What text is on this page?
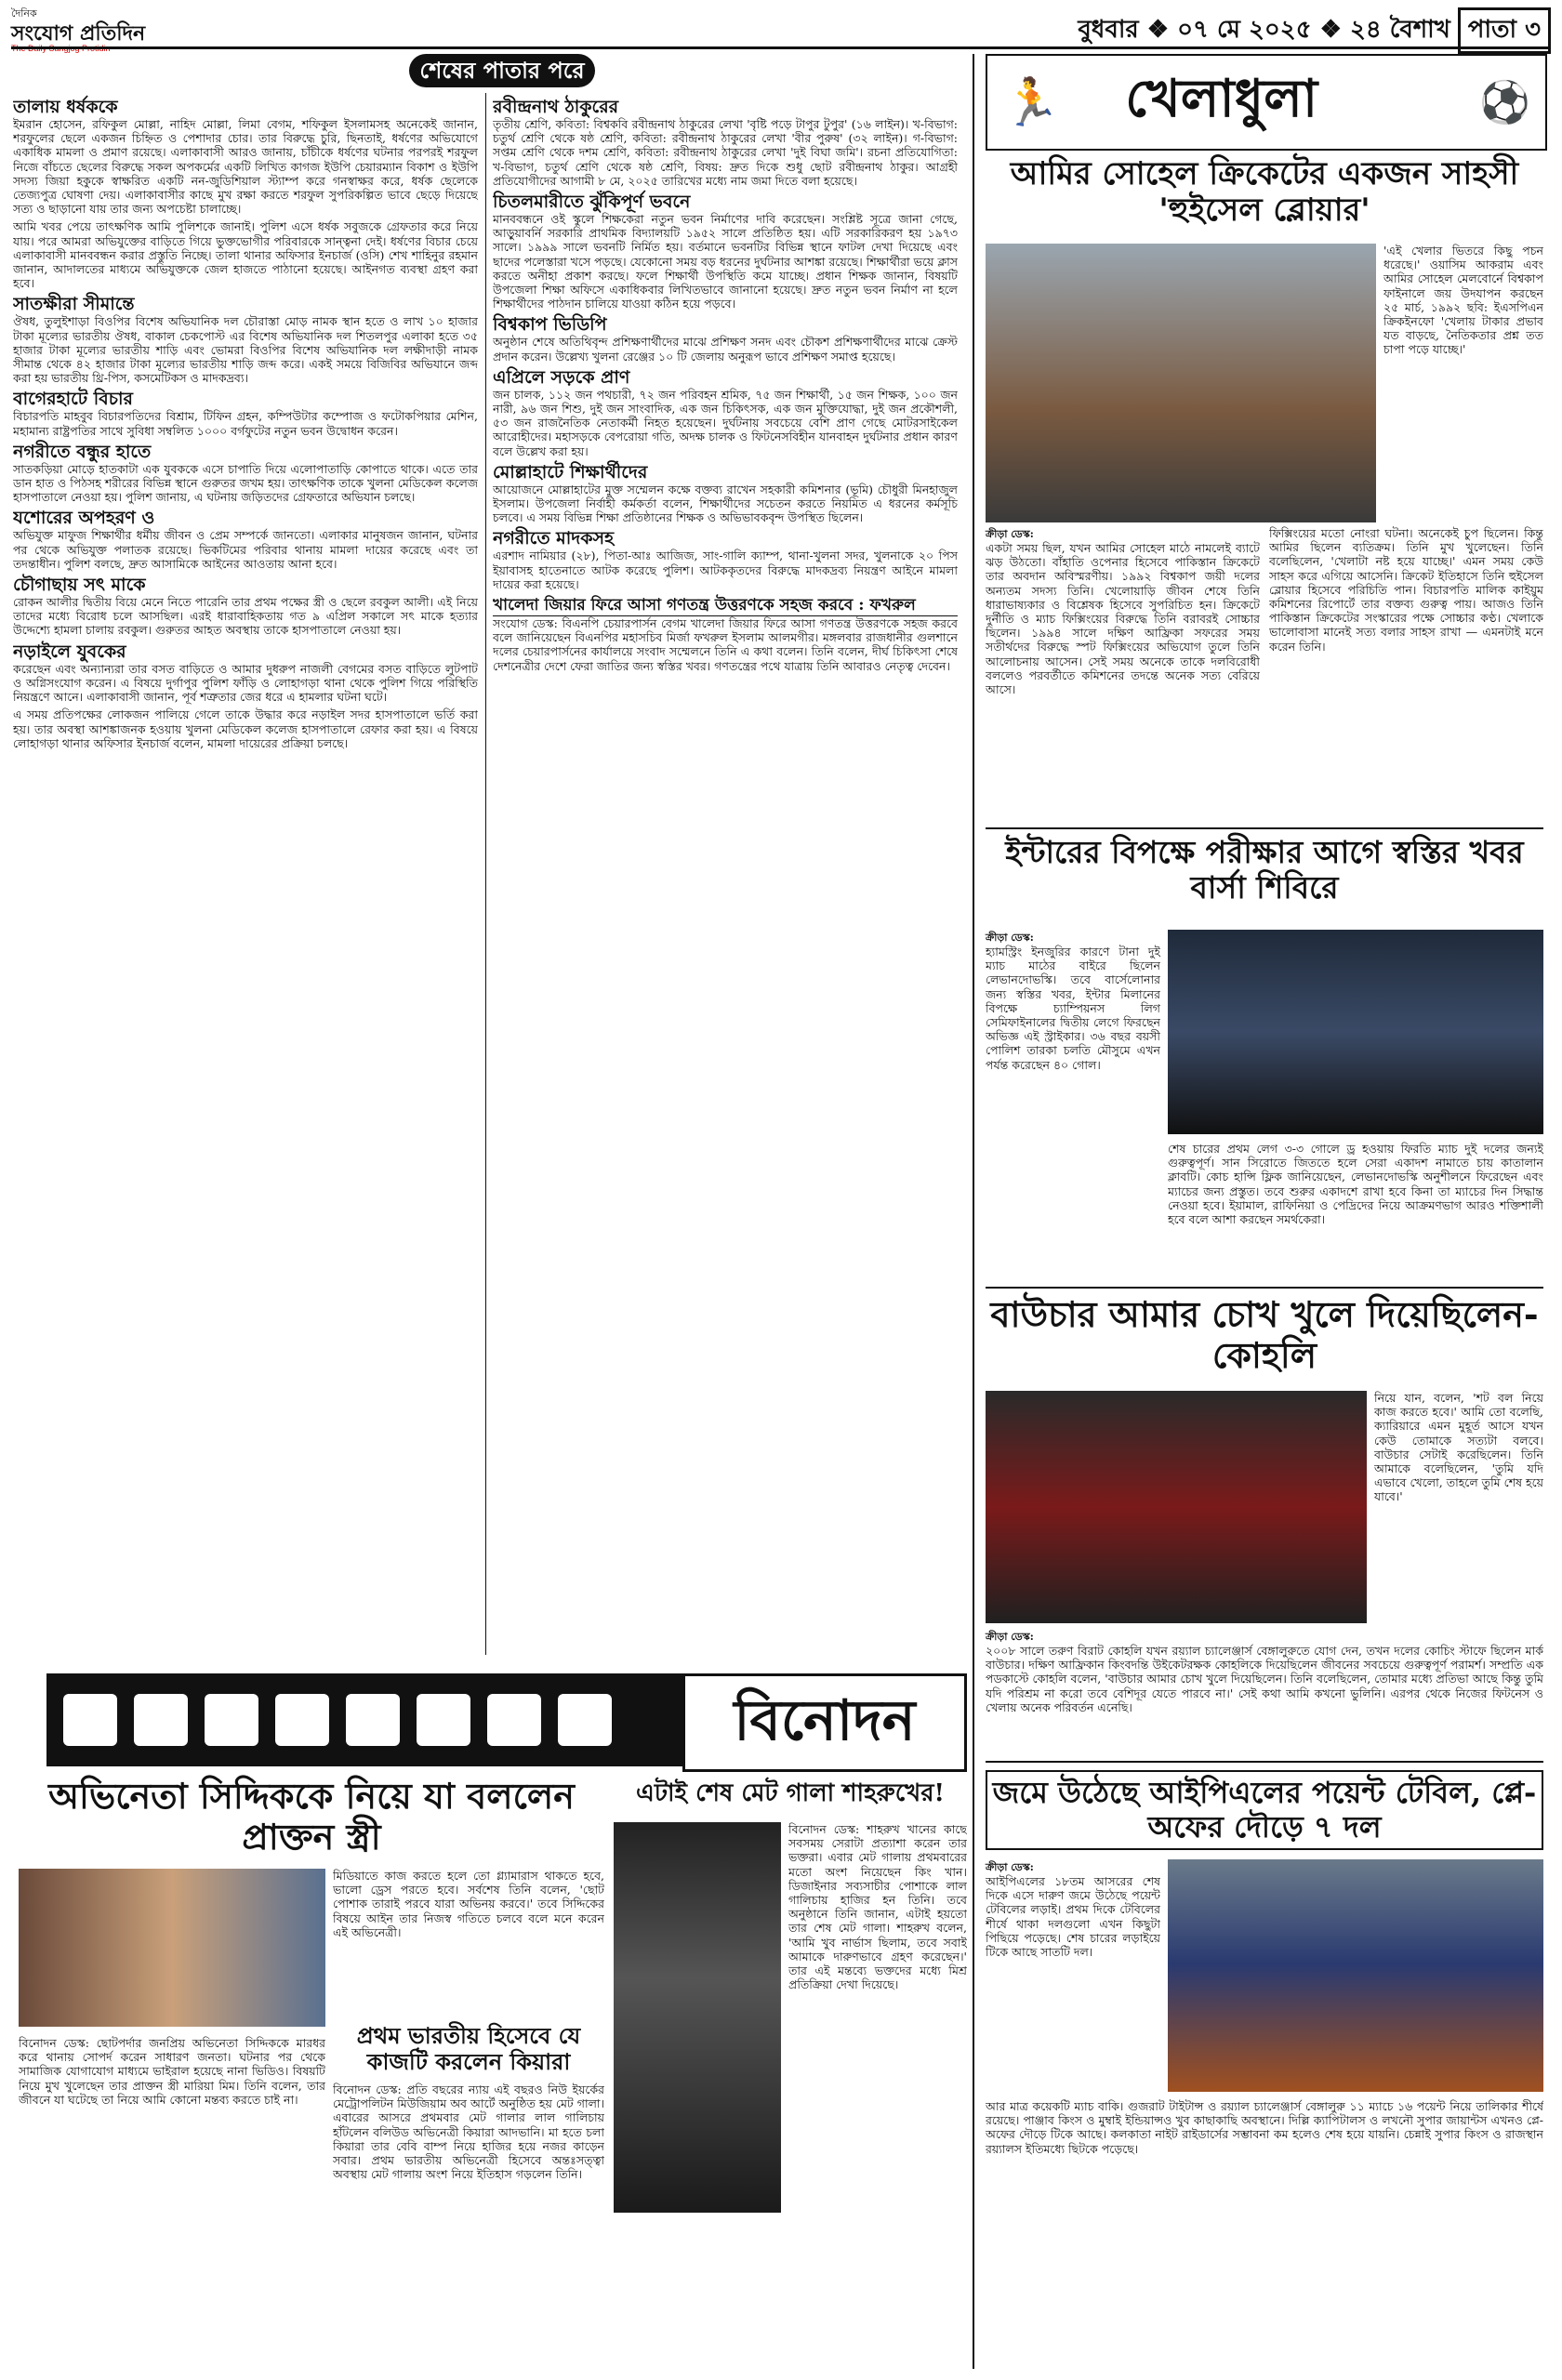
দৈনিক
সংযোগ প্রতিদিন	বুধবার ❖ ০৭ মে ২০২৫ ❖ ২৪ বৈশাখ পাতা ৩
শেষের পাতার পরে
তালায় ধর্ষককে
ইমরান হোসেন, রফিকুল মোল্লা, নাহিদ মোল্লা, লিমা বেগম, শফিকুল ইসলামসহ অনেকেই জানান, শরফুলের ছেলে একজন চিহ্নিত ও পেশাদার চোর। তার বিরুদ্ধে চুরি, ছিনতাই, ধর্ষণের অভিযোগে একাধিক মামলা ও প্রমাণ রয়েছে। এলাকাবাসী আরও জানায়, চাঁচীকে ধর্ষণের ঘটনার পরপরই শরফুল নিজে বাঁচতে ছেলের বিরুদ্ধে সকল অপকর্মের একটি লিখিত কাগজ ইউপি চেয়ারম্যান বিকাশ ও ইউপি সদস্য জিয়া হকুকে স্বাক্ষরিত একটি নন-জুডিশিয়াল স্ট্যাম্প করে গনস্বাক্ষর করে, ধর্ষক ছেলেকে তেজ্যপুত্র ঘোষণা দেয়। এলাকাবাসীর কাছে মুখ রক্ষা করতে শরফুল সুপরিকল্পিত ভাবে ছেড়ে দিয়েছে সত্য ও ছাড়ানো যায় তার জন্য অপচেষ্টা চালাচ্ছে।
আমি খবর পেয়ে তাৎক্ষণিক আমি পুলিশকে জানাই। পুলিশ এসে ধর্ষক সবুজকে গ্রেফতার করে নিয়ে যায়। পরে আমরা অভিযুক্তের বাড়িতে গিয়ে ভুক্তভোগীর পরিবারকে সান্ত্বনা দেই। ধর্ষণের বিচার চেয়ে এলাকাবাসী মানববন্ধন করার প্রস্তুতি নিচ্ছে। তালা থানার অফিসার ইনচার্জ (ওসি) শেখ শাহিনুর রহমান জানান, আদালতের মাধ্যমে অভিযুক্তকে জেল হাজতে পাঠানো হয়েছে। আইনগত ব্যবস্থা গ্রহণ করা হবে।
সাতক্ষীরা সীমান্তে
ঔষধ, তুলুইশাড়া বিওপির বিশেষ অভিযানিক দল চৌরাস্তা মোড় নামক স্থান হতে ও লাখ ১০ হাজার টাকা মূল্যের ভারতীয় ঔষধ, বাকাল চেকপোস্ট এর বিশেষ অভিযানিক দল শিতলপুর এলাকা হতে ৩৫ হাজার টাকা মূল্যের ভারতীয় শাড়ি এবং ভোমরা বিওপির বিশেষ অভিযানিক দল লক্ষীদাড়ী নামক সীমান্ত থেকে ৪২ হাজার টাকা মূল্যের ভারতীয় শাড়ি জব্দ করে। একই সময়ে বিজিবির অভিযানে জব্দ করা হয় ভারতীয় থ্রি-পিস, কসমেটিকস ও মাদকদ্রব্য।
বাগেরহাটে বিচার
বিচারপতি মাহবুব বিচারপতিদের বিশ্রাম, টিফিন গ্রহন, কম্পিউটার কম্পোজ ও ফটোকপিয়ার মেশিন, মহামান্য রাষ্ট্রপতির সাথে সুবিধা সম্বলিত ১০০০ বর্গফুটের নতুন ভবন উদ্বোধন করেন।
নগরীতে বন্ধুর হাতে
সাতকড়িয়া মোড়ে হাতকাটা এক যুবককে এসে চাপাতি দিয়ে এলোপাতাড়ি কোপাতে থাকে। এতে তার ডান হাত ও পিঠসহ শরীরের বিভিন্ন স্থানে গুরুতর জখম হয়। তাৎক্ষণিক তাকে খুলনা মেডিকেল কলেজ হাসপাতালে নেওয়া হয়। পুলিশ জানায়, এ ঘটনায় জড়িতদের গ্রেফতারে অভিযান চলছে।
যশোরের অপহরণ ও
অভিযুক্ত মাফুজ শিক্ষার্থীর ধর্মীয় জীবন ও প্রেম সম্পর্কে জানতো। এলাকার মানুষজন জানান, ঘটনার পর থেকে অভিযুক্ত পলাতক রয়েছে। ভিকটিমের পরিবার থানায় মামলা দায়ের করেছে এবং তা তদন্তাধীন। পুলিশ বলছে, দ্রুত আসামিকে আইনের আওতায় আনা হবে।
চৌগাছায় সৎ মাকে
রোকন আলীর দ্বিতীয় বিয়ে মেনে নিতে পারেনি তার প্রথম পক্ষের স্ত্রী ও ছেলে রবকুল আলী। এই নিয়ে তাদের মধ্যে বিরোধ চলে আসছিল। এরই ধারাবাহিকতায় গত ৯ এপ্রিল সকালে সৎ মাকে হত্যার উদ্দেশ্যে হামলা চালায় রবকুল। গুরুতর আহত অবস্থায় তাকে হাসপাতালে নেওয়া হয়।
নড়াইলে যুবকের
করেছেন এবং অন্যান্যরা তার বসত বাড়িতে ও আমার দুধরুপ নাজলী বেগমের বসত বাড়িতে লুটপাট ও অগ্নিসংযোগ করেন। এ বিষয়ে দুর্গাপুর পুলিশ ফাঁড়ি ও লোহাগড়া থানা থেকে পুলিশ গিয়ে পরিস্থিতি নিয়ন্ত্রণে আনে। এলাকাবাসী জানান, পূর্ব শত্রুতার জের ধরে এ হামলার ঘটনা ঘটে।
এ সময় প্রতিপক্ষের লোকজন পালিয়ে গেলে তাকে উদ্ধার করে নড়াইল সদর হাসপাতালে ভর্তি করা হয়। তার অবস্থা আশঙ্কাজনক হওয়ায় খুলনা মেডিকেল কলেজ হাসপাতালে রেফার করা হয়। এ বিষয়ে লোহাগড়া থানার অফিসার ইনচার্জ বলেন, মামলা দায়েরের প্রক্রিয়া চলছে।
রবীন্দ্রনাথ ঠাকুরের
তৃতীয় শ্রেণি, কবিতা: বিশ্বকবি রবীন্দ্রনাথ ঠাকুরের লেখা 'বৃষ্টি পড়ে টাপুর টুপুর' (১৬ লাইন)। খ-বিভাগ: চতুর্থ শ্রেণি থেকে ষষ্ঠ শ্রেণি, কবিতা: রবীন্দ্রনাথ ঠাকুরের লেখা 'বীর পুরুষ' (৩২ লাইন)। গ-বিভাগ: সপ্তম শ্রেণি থেকে দশম শ্রেণি, কবিতা: রবীন্দ্রনাথ ঠাকুরের লেখা 'দুই বিঘা জমি'। রচনা প্রতিযোগিতা: খ-বিভাগ, চতুর্থ শ্রেণি থেকে ষষ্ঠ শ্রেণি, বিষয়: দ্রুত দিকে শুধু ছোট রবীন্দ্রনাথ ঠাকুর। আগ্রহী প্রতিযোগীদের আগামী ৮ মে, ২০২৫ তারিখের মধ্যে নাম জমা দিতে বলা হয়েছে।
চিতলমারীতে ঝুঁকিপূর্ণ ভবনে
মানববন্ধনে ওই স্কুলে শিক্ষকেরা নতুন ভবন নির্মাণের দাবি করেছেন। সংশ্লিষ্ট সূত্রে জানা গেছে, আড়ুয়াবর্নি সরকারি প্রাথমিক বিদ্যালয়টি ১৯৫২ সালে প্রতিষ্ঠিত হয়। এটি সরকারিকরণ হয় ১৯৭৩ সালে। ১৯৯৯ সালে ভবনটি নির্মিত হয়। বর্তমানে ভবনটির বিভিন্ন স্থানে ফাটল দেখা দিয়েছে এবং ছাদের পলেস্তারা খসে পড়ছে। যেকোনো সময় বড় ধরনের দুর্ঘটনার আশঙ্কা রয়েছে। শিক্ষার্থীরা ভয়ে ক্লাস করতে অনীহা প্রকাশ করছে। ফলে শিক্ষার্থী উপস্থিতি কমে যাচ্ছে। প্রধান শিক্ষক জানান, বিষয়টি উপজেলা শিক্ষা অফিসে একাধিকবার লিখিতভাবে জানানো হয়েছে। দ্রুত নতুন ভবন নির্মাণ না হলে শিক্ষার্থীদের পাঠদান চালিয়ে যাওয়া কঠিন হয়ে পড়বে।
বিশ্বকাপ ভিডিপি
অনুষ্ঠান শেষে অতিথিবৃন্দ প্রশিক্ষণার্থীদের মাঝে প্রশিক্ষণ সনদ এবং চৌকশ প্রশিক্ষণার্থীদের মাঝে ক্রেস্ট প্রদান করেন। উল্লেখ্য খুলনা রেঞ্জের ১০ টি জেলায় অনুরূপ ভাবে প্রশিক্ষণ সমাপ্ত হয়েছে।
এপ্রিলে সড়কে প্রাণ
জন চালক, ১১২ জন পথচারী, ৭২ জন পরিবহন শ্রমিক, ৭৫ জন শিক্ষার্থী, ১৫ জন শিক্ষক, ১০০ জন নারী, ৯৬ জন শিশু, দুই জন সাংবাদিক, এক জন চিকিৎসক, এক জন মুক্তিযোদ্ধা, দুই জন প্রকৌশলী, ৫৩ জন রাজনৈতিক নেতাকর্মী নিহত হয়েছেন। দুর্ঘটনায় সবচেয়ে বেশি প্রাণ গেছে মোটরসাইকেল আরোহীদের। মহাসড়কে বেপরোয়া গতি, অদক্ষ চালক ও ফিটনেসবিহীন যানবাহন দুর্ঘটনার প্রধান কারণ বলে উল্লেখ করা হয়।
মোল্লাহাটে শিক্ষার্থীদের
আয়োজনে মোল্লাহাটের মুক্ত সম্মেলন কক্ষে বক্তব্য রাখেন সহকারী কমিশনার (ভূমি) চৌধুরী মিনহাজুল ইসলাম। উপজেলা নির্বাহী কর্মকর্তা বলেন, শিক্ষার্থীদের সচেতন করতে নিয়মিত এ ধরনের কর্মসূচি চলবে। এ সময় বিভিন্ন শিক্ষা প্রতিষ্ঠানের শিক্ষক ও অভিভাবকবৃন্দ উপস্থিত ছিলেন।
নগরীতে মাদকসহ
এরশাদ নামিয়ার (২৮), পিতা-আঃ আজিজ, সাং-গালি ক্যাম্প, থানা-খুলনা সদর, খুলনাকে ২০ পিস ইয়াবাসহ হাতেনাতে আটক করেছে পুলিশ। আটককৃতদের বিরুদ্ধে মাদকদ্রব্য নিয়ন্ত্রণ আইনে মামলা দায়ের করা হয়েছে।
খালেদা জিয়ার ফিরে আসা গণতন্ত্র উত্তরণকে সহজ করবে : ফখরুল
সংযোগ ডেস্ক: বিএনপি চেয়ারপার্সন বেগম খালেদা জিয়ার ফিরে আসা গণতন্ত্র উত্তরণকে সহজ করবে বলে জানিয়েছেন বিএনপির মহাসচিব মির্জা ফখরুল ইসলাম আলমগীর। মঙ্গলবার রাজধানীর গুলশানে দলের চেয়ারপার্সনের কার্যালয়ে সংবাদ সম্মেলনে তিনি এ কথা বলেন। তিনি বলেন, দীর্ঘ চিকিৎসা শেষে দেশনেত্রীর দেশে ফেরা জাতির জন্য স্বস্তির খবর। গণতন্ত্রের পথে যাত্রায় তিনি আবারও নেতৃত্ব দেবেন।
বিনোদন
অভিনেতা সিদ্দিককে নিয়ে যা বললেন প্রাক্তন স্ত্রী
বিনোদন ডেস্ক: ছোটপর্দার জনপ্রিয় অভিনেতা সিদ্দিককে মারধর করে থানায় সোপর্দ করেন সাধারণ জনতা। ঘটনার পর থেকে সামাজিক যোগাযোগ মাধ্যমে ভাইরাল হয়েছে নানা ভিডিও। বিষয়টি নিয়ে মুখ খুলেছেন তার প্রাক্তন স্ত্রী মারিয়া মিম। তিনি বলেন, তার জীবনে যা ঘটেছে তা নিয়ে আমি কোনো মন্তব্য করতে চাই না।
মিডিয়াতে কাজ করতে হলে তো গ্ল্যামারাস থাকতে হবে, ভালো ড্রেস পরতে হবে। সর্বশেষ তিনি বলেন, 'ছোট পোশাক তারাই পরবে যারা অভিনয় করবে।' তবে সিদ্দিকের বিষয়ে আইন তার নিজস্ব গতিতে চলবে বলে মনে করেন এই অভিনেত্রী।
প্রথম ভারতীয় হিসেবে যে কাজটি করলেন কিয়ারা
বিনোদন ডেস্ক: প্রতি বছরের ন্যায় এই বছরও নিউ ইয়র্কের মেট্রোপলিটন মিউজিয়াম অব আর্টে অনুষ্ঠিত হয় মেট গালা। এবারের আসরে প্রথমবার মেট গালার লাল গালিচায় হাঁটলেন বলিউড অভিনেত্রী কিয়ারা আদভানি। মা হতে চলা কিয়ারা তার বেবি বাম্প নিয়ে হাজির হয়ে নজর কাড়েন সবার। প্রথম ভারতীয় অভিনেত্রী হিসেবে অন্তঃসত্ত্বা অবস্থায় মেট গালায় অংশ নিয়ে ইতিহাস গড়লেন তিনি।
এটাই শেষ মেট গালা শাহরুখের!
বিনোদন ডেস্ক: শাহরুখ খানের কাছে সবসময় সেরাটা প্রত্যাশা করেন তার ভক্তরা। এবার মেট গালায় প্রথমবারের মতো অংশ নিয়েছেন কিং খান। ডিজাইনার সব্যসাচীর পোশাকে লাল গালিচায় হাজির হন তিনি। তবে অনুষ্ঠানে তিনি জানান, এটাই হয়তো তার শেষ মেট গালা। শাহরুখ বলেন, 'আমি খুব নার্ভাস ছিলাম, তবে সবাই আমাকে দারুণভাবে গ্রহণ করেছেন।' তার এই মন্তব্যে ভক্তদের মধ্যে মিশ্র প্রতিক্রিয়া দেখা দিয়েছে।
🏃 খেলাধুলা	⚽
আমির সোহেল ক্রিকেটের একজন সাহসী 'হুইসেল ব্লোয়ার'
'এই খেলার ভিতরে কিছু পচন ধরেছে।' ওয়াসিম আকরাম এবং আমির সোহেল মেলবোর্নে বিশ্বকাপ ফাইনালে জয় উদযাপন করছেন ২৫ মার্চ, ১৯৯২ ছবি: ইএসপিএন ক্রিকইনফো 'খেলায় টাকার প্রভাব যত বাড়ছে, নৈতিকতার প্রশ্ন তত চাপা পড়ে যাচ্ছে।'
ক্রীড়া ডেস্ক:
একটা সময় ছিল, যখন আমির সোহেল মাঠে নামলেই ব্যাটে ঝড় উঠতো। বাঁহাতি ওপেনার হিসেবে পাকিস্তান ক্রিকেটে তার অবদান অবিস্মরণীয়। ১৯৯২ বিশ্বকাপ জয়ী দলের অন্যতম সদস্য তিনি। খেলোয়াড়ি জীবন শেষে তিনি ধারাভাষ্যকার ও বিশ্লেষক হিসেবে সুপরিচিত হন। ক্রিকেটে দুর্নীতি ও ম্যাচ ফিক্সিংয়ের বিরুদ্ধে তিনি বরাবরই সোচ্চার ছিলেন। ১৯৯৪ সালে দক্ষিণ আফ্রিকা সফরের সময় সতীর্থদের বিরুদ্ধে স্পট ফিক্সিংয়ের অভিযোগ তুলে তিনি আলোচনায় আসেন। সেই সময় অনেকে তাকে দলবিরোধী বললেও পরবর্তীতে কমিশনের তদন্তে অনেক সত্য বেরিয়ে আসে।
ফিক্সিংয়ের মতো নোংরা ঘটনা। অনেকেই চুপ ছিলেন। কিন্তু আমির ছিলেন ব্যতিক্রম। তিনি মুখ খুলেছেন। তিনি বলেছিলেন, 'খেলাটা নষ্ট হয়ে যাচ্ছে।' এমন সময় কেউ সাহস করে এগিয়ে আসেনি। ক্রিকেট ইতিহাসে তিনি হুইসেল ব্লোয়ার হিসেবে পরিচিতি পান। বিচারপতি মালিক কাইয়ুম কমিশনের রিপোর্টে তার বক্তব্য গুরুত্ব পায়। আজও তিনি পাকিস্তান ক্রিকেটের সংস্কারের পক্ষে সোচ্চার কণ্ঠ। খেলাকে ভালোবাসা মানেই সত্য বলার সাহস রাখা — এমনটাই মনে করেন তিনি।
ইন্টারের বিপক্ষে পরীক্ষার আগে স্বস্তির খবর বার্সা শিবিরে
ক্রীড়া ডেস্ক:
হ্যামস্ট্রিং ইনজুরির কারণে টানা দুই ম্যাচ মাঠের বাইরে ছিলেন লেভানদোভস্কি। তবে বার্সেলোনার জন্য স্বস্তির খবর, ইন্টার মিলানের বিপক্ষে চ্যাম্পিয়নস লিগ সেমিফাইনালের দ্বিতীয় লেগে ফিরছেন অভিজ্ঞ এই স্ট্রাইকার। ৩৬ বছর বয়সী পোলিশ তারকা চলতি মৌসুমে এখন পর্যন্ত করেছেন ৪০ গোল।
শেষ চারের প্রথম লেগ ৩-৩ গোলে ড্র হওয়ায় ফিরতি ম্যাচ দুই দলের জন্যই গুরুত্বপূর্ণ। সান সিরোতে জিততে হলে সেরা একাদশ নামাতে চায় কাতালান ক্লাবটি। কোচ হান্সি ফ্লিক জানিয়েছেন, লেভানদোভস্কি অনুশীলনে ফিরেছেন এবং ম্যাচের জন্য প্রস্তুত। তবে শুরুর একাদশে রাখা হবে কিনা তা ম্যাচের দিন সিদ্ধান্ত নেওয়া হবে। ইয়ামাল, রাফিনিয়া ও পেদ্রিদের নিয়ে আক্রমণভাগ আরও শক্তিশালী হবে বলে আশা করছেন সমর্থকেরা।
বাউচার আমার চোখ খুলে দিয়েছিলেন- কোহলি
নিয়ে যান, বলেন, 'শট বল নিয়ে কাজ করতে হবে।' আমি তো বলেছি, ক্যারিয়ারে এমন মুহূর্ত আসে যখন কেউ তোমাকে সত্যটা বলবে। বাউচার সেটাই করেছিলেন। তিনি আমাকে বলেছিলেন, 'তুমি যদি এভাবে খেলো, তাহলে তুমি শেষ হয়ে যাবে।'
ক্রীড়া ডেস্ক:
২০০৮ সালে তরুণ বিরাট কোহলি যখন রয়্যাল চ্যালেঞ্জার্স বেঙ্গালুরুতে যোগ দেন, তখন দলের কোচিং স্টাফে ছিলেন মার্ক বাউচার। দক্ষিণ আফ্রিকান কিংবদন্তি উইকেটরক্ষক কোহলিকে দিয়েছিলেন জীবনের সবচেয়ে গুরুত্বপূর্ণ পরামর্শ। সম্প্রতি এক পডকাস্টে কোহলি বলেন, 'বাউচার আমার চোখ খুলে দিয়েছিলেন। তিনি বলেছিলেন, তোমার মধ্যে প্রতিভা আছে কিন্তু তুমি যদি পরিশ্রম না করো তবে বেশিদূর যেতে পারবে না।' সেই কথা আমি কখনো ভুলিনি। এরপর থেকে নিজের ফিটনেস ও খেলায় অনেক পরিবর্তন এনেছি।
জমে উঠেছে আইপিএলের পয়েন্ট টেবিল, প্লে-অফের দৌড়ে ৭ দল
ক্রীড়া ডেস্ক:
আইপিএলের ১৮তম আসরের শেষ দিকে এসে দারুণ জমে উঠেছে পয়েন্ট টেবিলের লড়াই। প্রথম দিকে টেবিলের শীর্ষে থাকা দলগুলো এখন কিছুটা পিছিয়ে পড়েছে। শেষ চারের লড়াইয়ে টিকে আছে সাতটি দল।
আর মাত্র কয়েকটি ম্যাচ বাকি। গুজরাট টাইটান্স ও রয়্যাল চ্যালেঞ্জার্স বেঙ্গালুরু ১১ ম্যাচে ১৬ পয়েন্ট নিয়ে তালিকার শীর্ষে রয়েছে। পাঞ্জাব কিংস ও মুম্বাই ইন্ডিয়ান্সও খুব কাছাকাছি অবস্থানে। দিল্লি ক্যাপিটালস ও লখনৌ সুপার জায়ান্টস এখনও প্লে-অফের দৌড়ে টিকে আছে। কলকাতা নাইট রাইডার্সের সম্ভাবনা কম হলেও শেষ হয়ে যায়নি। চেন্নাই সুপার কিংস ও রাজস্থান রয়্যালস ইতিমধ্যে ছিটকে পড়েছে।
